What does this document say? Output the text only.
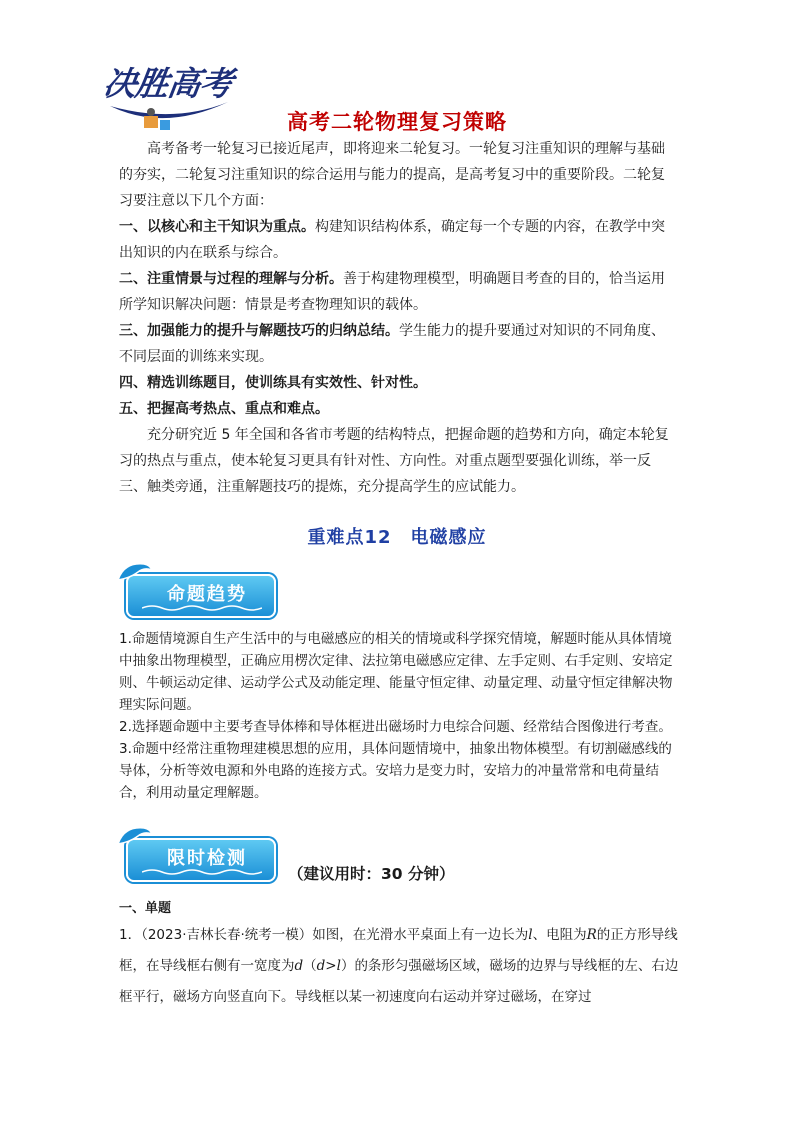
决胜高考
高考二轮物理复习策略

高考备考一轮复习已接近尾声，即将迎来二轮复习。一轮复习注重知识的理解与基础的夯实，二轮复习注重知识的综合运用与能力的提高，是高考复习中的重要阶段。二轮复习要注意以下几个方面：

一、以核心和主干知识为重点。构建知识结构体系，确定每一个专题的内容，在教学中突出知识的内在联系与综合。

二、注重情景与过程的理解与分析。善于构建物理模型，明确题目考查的目的，恰当运用所学知识解决问题：情景是考查物理知识的载体。

三、加强能力的提升与解题技巧的归纳总结。学生能力的提升要通过对知识的不同角度、不同层面的训练来实现。

四、精选训练题目，使训练具有实效性、针对性。

五、把握高考热点、重点和难点。

充分研究近 5 年全国和各省市考题的结构特点，把握命题的趋势和方向，确定本轮复习的热点与重点，使本轮复习更具有针对性、方向性。对重点题型要强化训练，举一反三、触类旁通，注重解题技巧的提炼，充分提高学生的应试能力。

重难点12　电磁感应
命题趋势

1.命题情境源自生产生活中的与电磁感应的相关的情境或科学探究情境，解题时能从具体情境中抽象出物理模型，正确应用楞次定律、法拉第电磁感应定律、左手定则、右手定则、安培定则、牛顿运动定律、运动学公式及动能定理、能量守恒定律、动量定理、动量守恒定律解决物理实际问题。

2.选择题命题中主要考查导体棒和导体框进出磁场时力电综合问题、经常结合图像进行考查。

3.命题中经常注重物理建模思想的应用，具体问题情境中，抽象出物体模型。有切割磁感线的导体，分析等效电源和外电路的连接方式。安培力是变力时，安培力的冲量常常和电荷量结合，利用动量定理解题。

限时检测
（建议用时：30 分钟）
一、单题

1．（2023·吉林长春·统考一模）如图，在光滑水平桌面上有一边长为l、电阻为R的正方形导线框，在导线框右侧有一宽度为d（d>l）的条形匀强磁场区域，磁场的边界与导线框的左、右边框平行，磁场方向竖直向下。导线框以某一初速度向右运动并穿过磁场，在穿过
